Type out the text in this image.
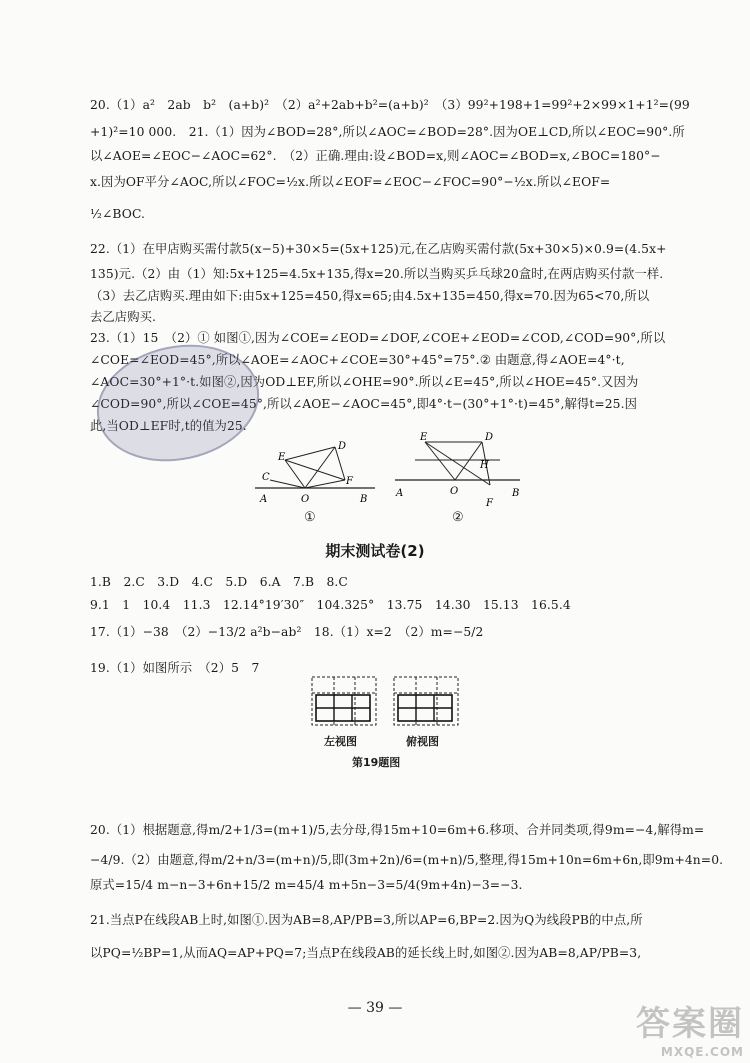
20.（1）a²　2ab　b²　(a+b)²　（2）a²+2ab+b²=(a+b)²　（3）99²+198+1=99²+2×99×1+1²=(99
+1)²=10 000.　21.（1）因为∠BOD=28°,所以∠AOC=∠BOD=28°.因为OE⊥CD,所以∠EOC=90°.所
以∠AOE=∠EOC−∠AOC=62°.　（2）正确.理由:设∠BOD=x,则∠AOC=∠BOD=x,∠BOC=180°−
x.因为OF平分∠AOC,所以∠FOC=½x.所以∠EOF=∠EOC−∠FOC=90°−½x.所以∠EOF=
½∠BOC.
22.（1）在甲店购买需付款5(x−5)+30×5=(5x+125)元,在乙店购买需付款(5x+30×5)×0.9=(4.5x+
135)元.（2）由（1）知:5x+125=4.5x+135,得x=20.所以当购买乒乓球20盒时,在两店购买付款一样.
（3）去乙店购买.理由如下:由5x+125=450,得x=65;由4.5x+135=450,得x=70.因为65<70,所以
去乙店购买.
23.（1）15　（2）① 如图①,因为∠COE=∠EOD=∠DOF,∠COE+∠EOD=∠COD,∠COD=90°,所以
∠COE=∠EOD=45°,所以∠AOE=∠AOC+∠COE=30°+45°=75°.② 由题意,得∠AOE=4°·t,
∠AOC=30°+1°·t.如图②,因为OD⊥EF,所以∠OHE=90°.所以∠E=45°,所以∠HOE=45°.又因为
∠COD=90°,所以∠COE=45°,所以∠AOE−∠AOC=45°,即4°·t−(30°+1°·t)=45°,解得t=25.因
此,当OD⊥EF时,t的值为25.
D
E
C	F
A	O	B
①
E	D
H
A	O	B
F
②
期末测试卷(2)
1.B　2.C　3.D　4.C　5.D　6.A　7.B　8.C
9.1　1　10.4　11.3　12.14°19′30″　104.325°　13.75　14.30　15.13　16.5.4
17.（1）−38　（2）−13/2 a²b−ab²　18.（1）x=2　（2）m=−5/2
19.（1）如图所示　（2）5　7
左视图	俯视图
第19题图
20.（1）根据题意,得m/2+1/3=(m+1)/5,去分母,得15m+10=6m+6.移项、合并同类项,得9m=−4,解得m=
−4/9.（2）由题意,得m/2+n/3=(m+n)/5,即(3m+2n)/6=(m+n)/5,整理,得15m+10n=6m+6n,即9m+4n=0.
原式=15/4 m−n−3+6n+15/2 m=45/4 m+5n−3=5/4(9m+4n)−3=−3.
21.当点P在线段AB上时,如图①.因为AB=8,AP/PB=3,所以AP=6,BP=2.因为Q为线段PB的中点,所
以PQ=½BP=1,从而AQ=AP+PQ=7;当点P在线段AB的延长线上时,如图②.因为AB=8,AP/PB=3,
— 39 —	答案圈
MXQE.COM
